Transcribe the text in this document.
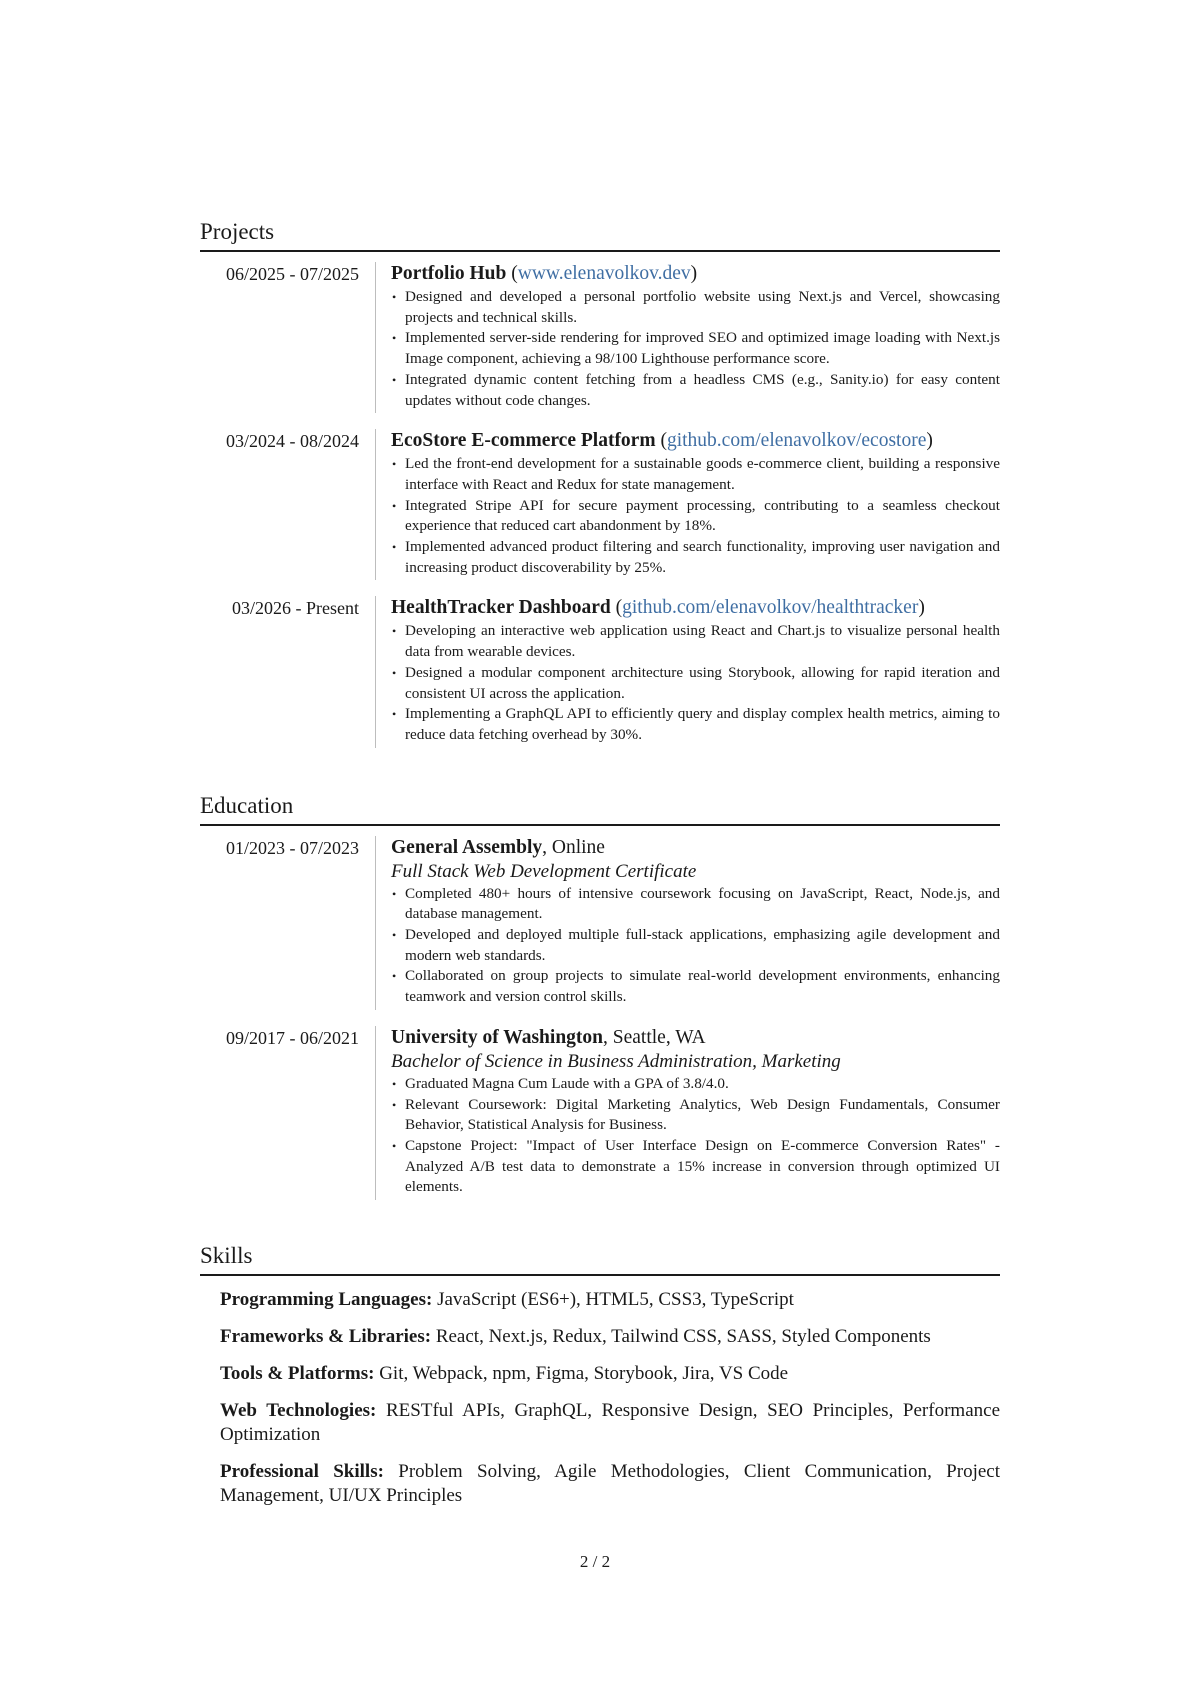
Projects
06/2025 - 07/2025	Portfolio Hub (www.elenavolkov.dev)
• Designed and developed a personal portfolio website using Next.js and Vercel, showcasing projects and technical skills.
• Implemented server-side rendering for improved SEO and optimized image loading with Next.js Image component, achieving a 98/100 Lighthouse performance score.
• Integrated dynamic content fetching from a headless CMS (e.g., Sanity.io) for easy content updates without code changes.
03/2024 - 08/2024	EcoStore E-commerce Platform (github.com/elenavolkov/ecostore)
• Led the front-end development for a sustainable goods e-commerce client, building a responsive interface with React and Redux for state management.
• Integrated Stripe API for secure payment processing, contributing to a seamless checkout experience that reduced cart abandonment by 18%.
• Implemented advanced product filtering and search functionality, improving user navigation and increasing product discoverability by 25%.
03/2026 - Present	HealthTracker Dashboard (github.com/elenavolkov/healthtracker)
• Developing an interactive web application using React and Chart.js to visualize personal health data from wearable devices.
• Designed a modular component architecture using Storybook, allowing for rapid iteration and consistent UI across the application.
• Implementing a GraphQL API to efficiently query and display complex health metrics, aiming to reduce data fetching overhead by 30%.
Education
01/2023 - 07/2023	General Assembly, Online
Full Stack Web Development Certificate
• Completed 480+ hours of intensive coursework focusing on JavaScript, React, Node.js, and database management.
• Developed and deployed multiple full-stack applications, emphasizing agile development and modern web standards.
• Collaborated on group projects to simulate real-world development environments, enhancing teamwork and version control skills.
09/2017 - 06/2021	University of Washington, Seattle, WA
Bachelor of Science in Business Administration, Marketing
• Graduated Magna Cum Laude with a GPA of 3.8/4.0.
• Relevant Coursework: Digital Marketing Analytics, Web Design Fundamentals, Consumer Behavior, Statistical Analysis for Business.
• Capstone Project: "Impact of User Interface Design on E-commerce Conversion Rates" - Analyzed A/B test data to demonstrate a 15% increase in conversion through optimized UI elements.
Skills

Programming Languages: JavaScript (ES6+), HTML5, CSS3, TypeScript

Frameworks & Libraries: React, Next.js, Redux, Tailwind CSS, SASS, Styled Components

Tools & Platforms: Git, Webpack, npm, Figma, Storybook, Jira, VS Code

Web Technologies: RESTful APIs, GraphQL, Responsive Design, SEO Principles, Performance Optimization

Professional Skills: Problem Solving, Agile Methodologies, Client Communication, Project Management, UI/UX Principles

2 / 2
